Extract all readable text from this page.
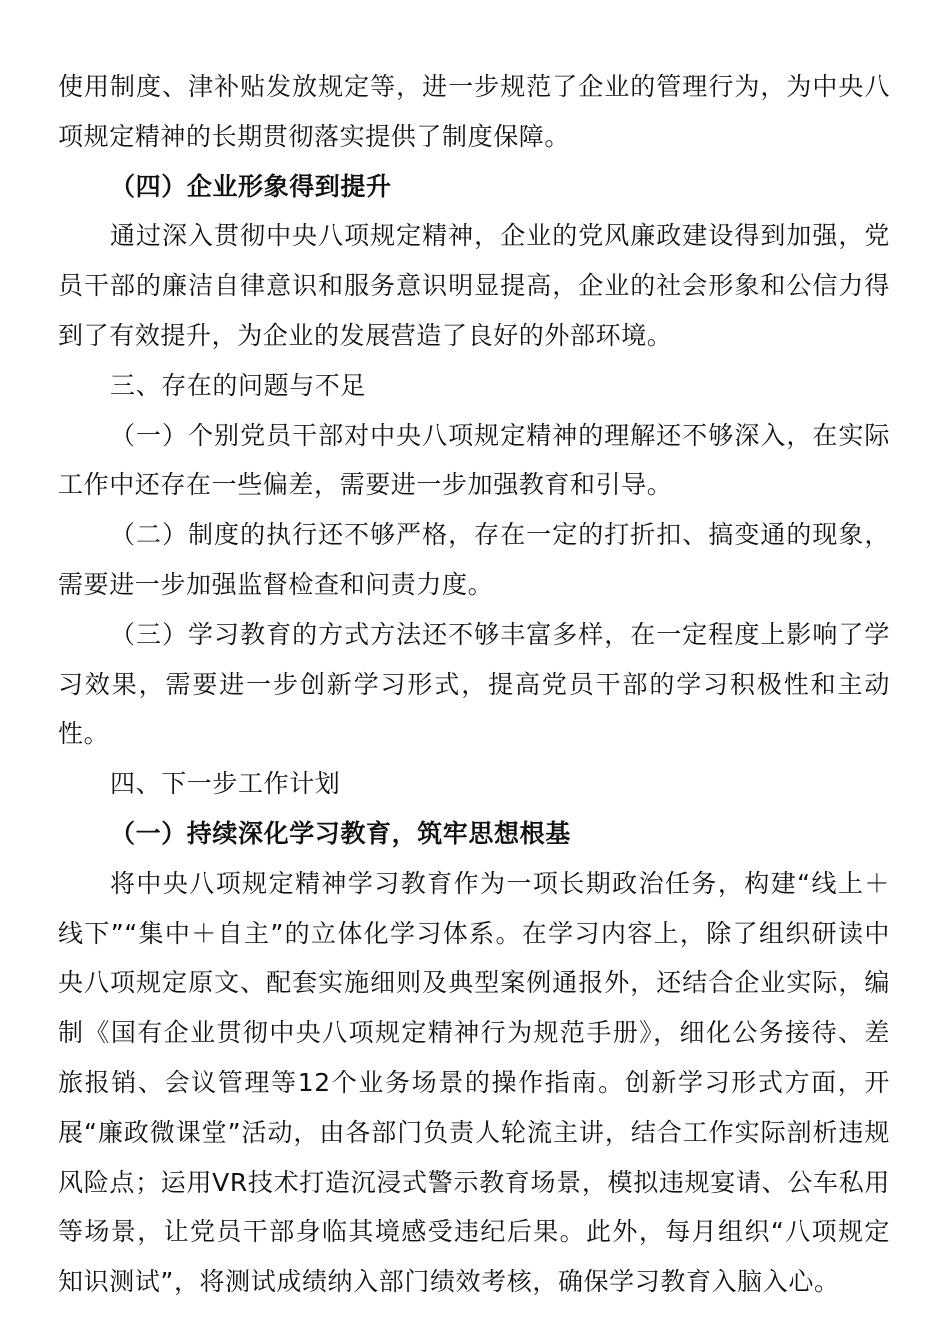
使用制度、津补贴发放规定等，进一步规范了企业的管理行为，为中央八项规定精神的长期贯彻落实提供了制度保障。

（四）企业形象得到提升

通过深入贯彻中央八项规定精神，企业的党风廉政建设得到加强，党员干部的廉洁自律意识和服务意识明显提高，企业的社会形象和公信力得到了有效提升，为企业的发展营造了良好的外部环境。

三、存在的问题与不足

（一）个别党员干部对中央八项规定精神的理解还不够深入，在实际工作中还存在一些偏差，需要进一步加强教育和引导。

（二）制度的执行还不够严格，存在一定的打折扣、搞变通的现象，需要进一步加强监督检查和问责力度。

（三）学习教育的方式方法还不够丰富多样，在一定程度上影响了学习效果，需要进一步创新学习形式，提高党员干部的学习积极性和主动性。

四、下一步工作计划

（一）持续深化学习教育，筑牢思想根基

将中央八项规定精神学习教育作为一项长期政治任务，构建“线上＋线下”“集中＋自主”的立体化学习体系。在学习内容上，除了组织研读中央八项规定原文、配套实施细则及典型案例通报外，还结合企业实际，编制《国有企业贯彻中央八项规定精神行为规范手册》，细化公务接待、差旅报销、会议管理等12个业务场景的操作指南。创新学习形式方面，开展“廉政微课堂”活动，由各部门负责人轮流主讲，结合工作实际剖析违规风险点；运用VR技术打造沉浸式警示教育场景，模拟违规宴请、公车私用等场景，让党员干部身临其境感受违纪后果。此外，每月组织“八项规定知识测试”，将测试成绩纳入部门绩效考核，确保学习教育入脑入心。
